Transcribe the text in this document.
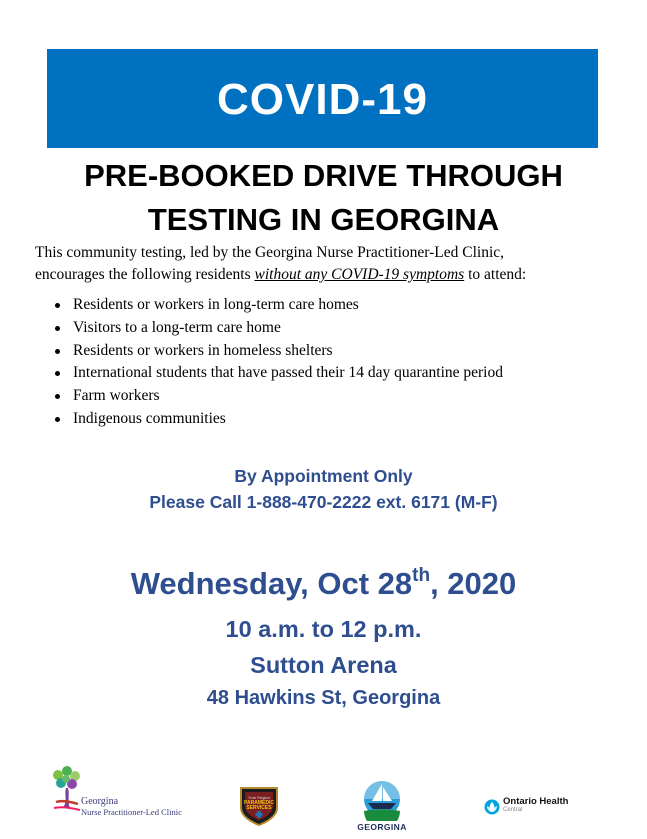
COVID-19
PRE-BOOKED DRIVE THROUGH
TESTING IN GEORGINA
This community testing, led by the Georgina Nurse Practitioner-Led Clinic,
encourages the following residents without any COVID-19 symptoms to attend:
Residents or workers in long-term care homes
Visitors to a long-term care home
Residents or workers in homeless shelters
International students that have passed their 14 day quarantine period
Farm workers
Indigenous communities
By Appointment Only
Please Call 1-888-470-2222 ext. 6171 (M-F)
Wednesday, Oct 28th, 2020
10 a.m. to 12 p.m.
Sutton Arena
48 Hawkins St, Georgina
Georgina
Nurse Practitioner-Led Clinic
York Region
PARAMEDIC
SERVICES
GEORGINA
Ontario Health
Central
